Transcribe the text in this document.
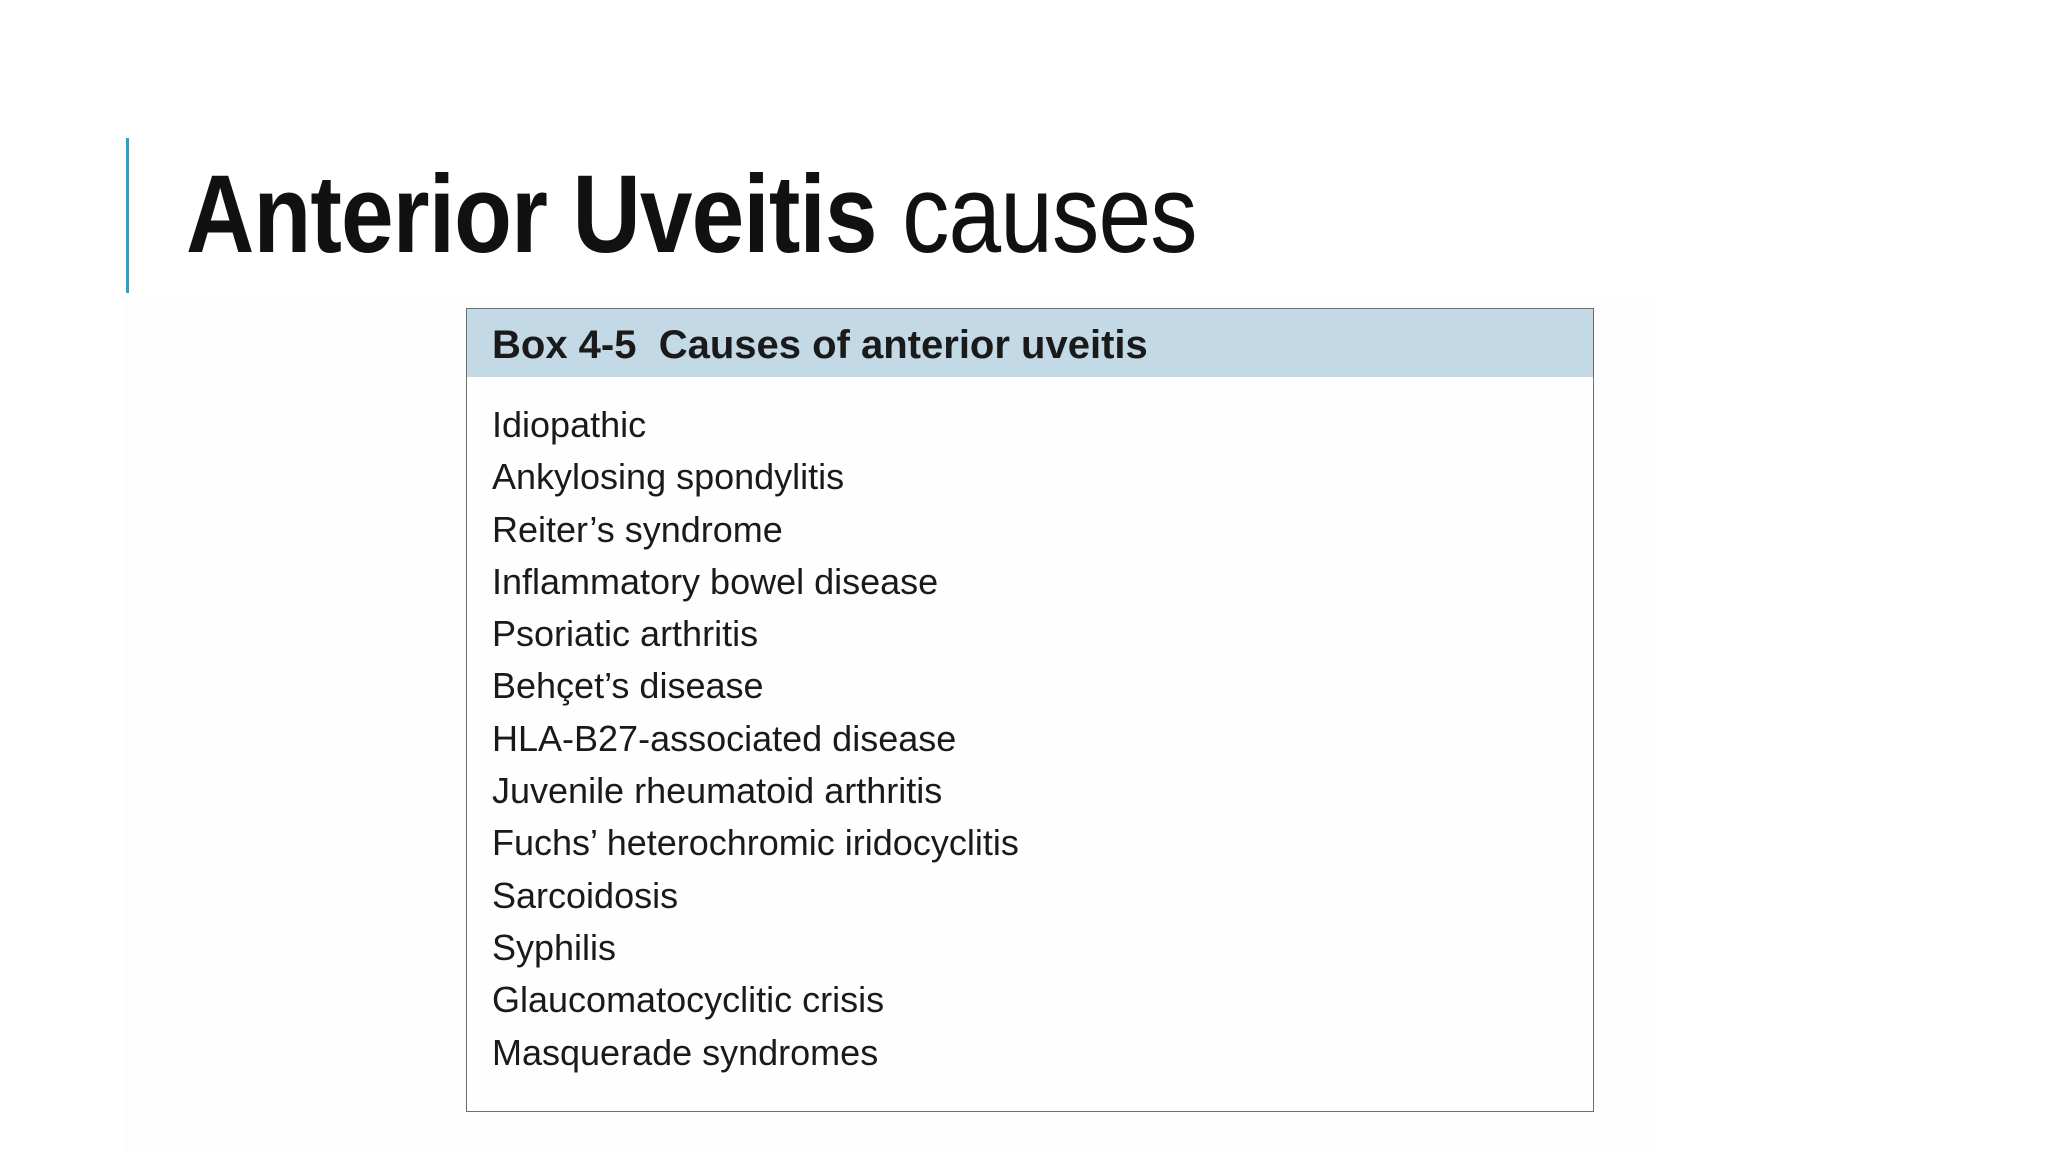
Anterior Uveitis causes
Box 4-5  Causes of anterior uveitis
Idiopathic
Ankylosing spondylitis
Reiter’s syndrome
Inflammatory bowel disease
Psoriatic arthritis
Behçet’s disease
HLA-B27-associated disease
Juvenile rheumatoid arthritis
Fuchs’ heterochromic iridocyclitis
Sarcoidosis
Syphilis
Glaucomatocyclitic crisis
Masquerade syndromes
